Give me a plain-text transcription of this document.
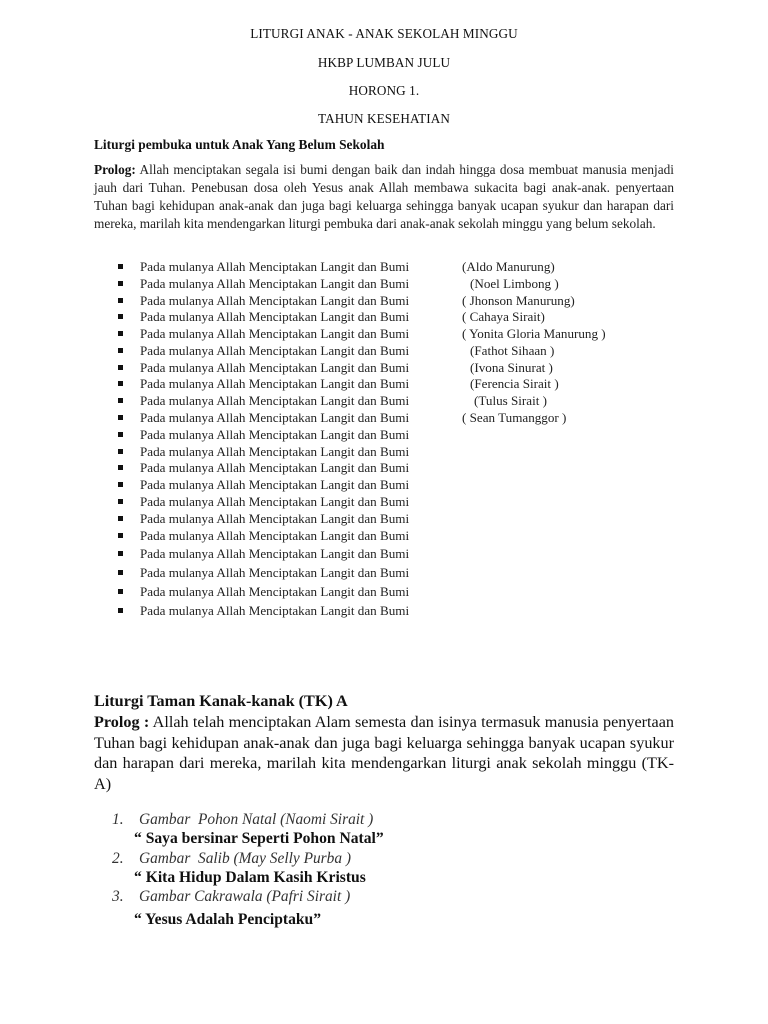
LITURGI ANAK - ANAK SEKOLAH MINGGU
HKBP LUMBAN JULU
HORONG 1.
TAHUN KESEHATIAN
Liturgi pembuka untuk Anak Yang Belum Sekolah
Prolog: Allah menciptakan segala isi bumi dengan baik dan indah hingga dosa membuat manusia menjadi jauh dari Tuhan. Penebusan dosa oleh Yesus anak Allah membawa sukacita bagi anak-anak. penyertaan Tuhan bagi kehidupan anak-anak dan juga bagi keluarga sehingga banyak ucapan syukur dan harapan dari mereka, marilah kita mendengarkan liturgi pembuka dari anak-anak sekolah minggu yang belum sekolah.
Pada mulanya Allah Menciptakan Langit dan Bumi	(Aldo Manurung)
Pada mulanya Allah Menciptakan Langit dan Bumi	(Noel Limbong )
Pada mulanya Allah Menciptakan Langit dan Bumi	( Jhonson Manurung)
Pada mulanya Allah Menciptakan Langit dan Bumi	( Cahaya Sirait)
Pada mulanya Allah Menciptakan Langit dan Bumi	( Yonita Gloria Manurung )
Pada mulanya Allah Menciptakan Langit dan Bumi	(Fathot Sihaan )
Pada mulanya Allah Menciptakan Langit dan Bumi	(Ivona Sinurat )
Pada mulanya Allah Menciptakan Langit dan Bumi	(Ferencia Sirait )
Pada mulanya Allah Menciptakan Langit dan Bumi	(Tulus Sirait )
Pada mulanya Allah Menciptakan Langit dan Bumi	( Sean Tumanggor )
Pada mulanya Allah Menciptakan Langit dan Bumi
Pada mulanya Allah Menciptakan Langit dan Bumi
Pada mulanya Allah Menciptakan Langit dan Bumi
Pada mulanya Allah Menciptakan Langit dan Bumi
Pada mulanya Allah Menciptakan Langit dan Bumi
Pada mulanya Allah Menciptakan Langit dan Bumi
Pada mulanya Allah Menciptakan Langit dan Bumi
Pada mulanya Allah Menciptakan Langit dan Bumi
Pada mulanya Allah Menciptakan Langit dan Bumi
Pada mulanya Allah Menciptakan Langit dan Bumi
Pada mulanya Allah Menciptakan Langit dan Bumi
Liturgi Taman Kanak-kanak (TK) A
Prolog : Allah telah menciptakan Alam semesta dan isinya termasuk manusia penyertaan Tuhan bagi kehidupan anak-anak dan juga bagi keluarga sehingga banyak ucapan syukur dan harapan dari mereka, marilah kita mendengarkan liturgi anak sekolah minggu (TK-A)
1. Gambar  Pohon Natal (Naomi Sirait )
“ Saya bersinar Seperti Pohon Natal”
2. Gambar  Salib (May Selly Purba )
“ Kita Hidup Dalam Kasih Kristus
3. Gambar Cakrawala (Pafri Sirait )
“ Yesus Adalah Penciptaku”
